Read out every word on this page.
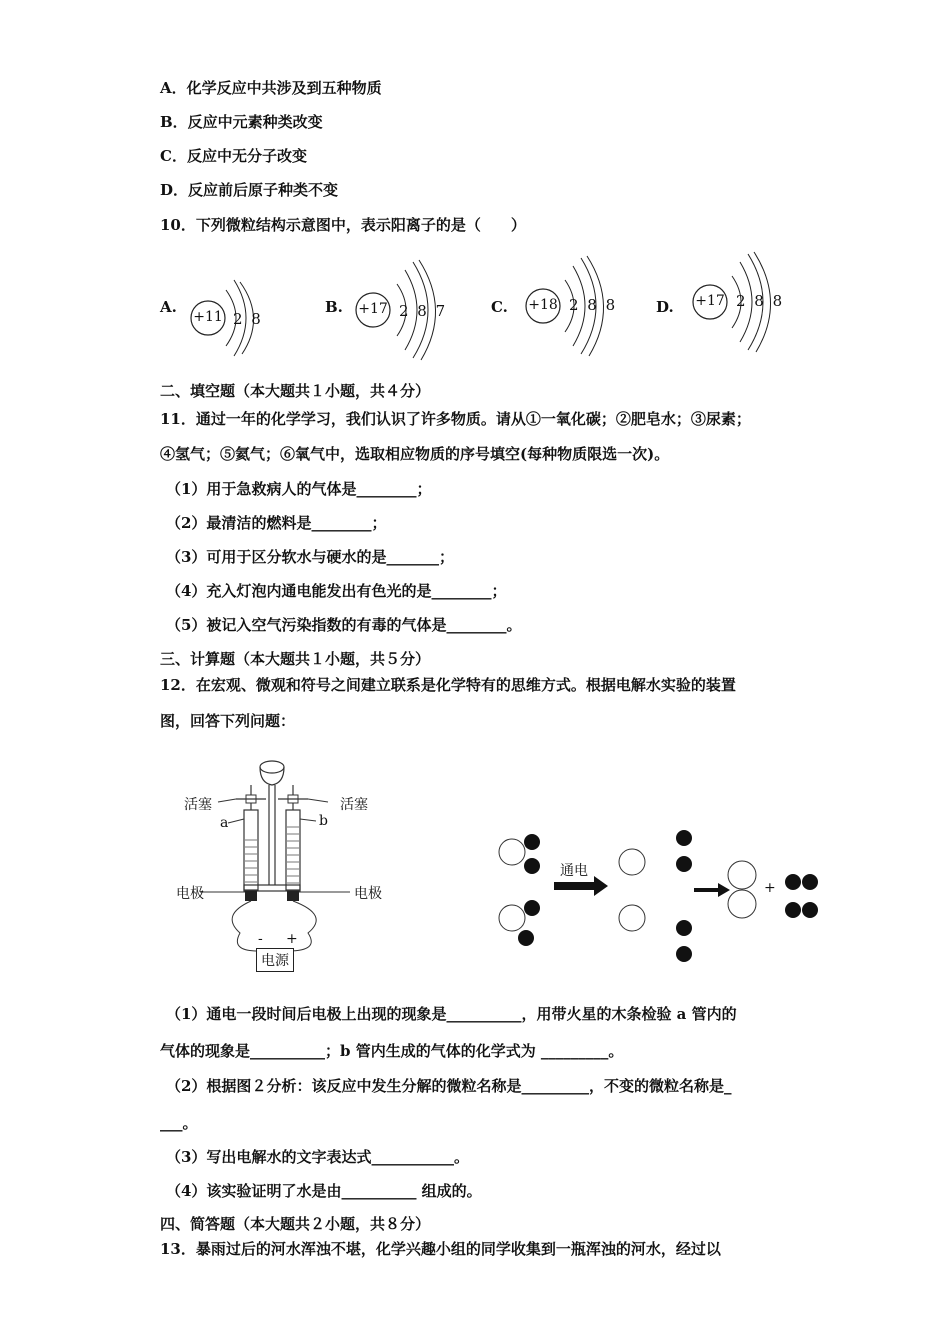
A．化学反应中共涉及到五种物质
B．反应中元素种类改变
C．反应中无分子改变
D．反应前后原子种类不变
10．下列微粒结构示意图中，表示阳离子的是（　　）
A.
+11 2 8
B. +17 2 8 7	C. +18 2 8 8	D. +17 2 8 8
二、填空题（本大题共１小题，共４分）
11．通过一年的化学学习，我们认识了许多物质。请从①一氧化碳；②肥皂水；③尿素；
④氢气；⑤氦气；⑥氧气中，选取相应物质的序号填空(每种物质限选一次)。
（1）用于急救病人的气体是________；
（2）最清洁的燃料是________；
（3）可用于区分软水与硬水的是_______；
（4）充入灯泡内通电能发出有色光的是________；
（5）被记入空气污染指数的有毒的气体是________。
三、计算题（本大题共１小题，共５分）
12．在宏观、微观和符号之间建立联系是化学特有的思维方式。根据电解水实验的装置
图，回答下列问题：
活塞	活塞
a	b
电极	电极
- +
电源
通电
+
（1）通电一段时间后电极上出现的现象是__________，用带火星的木条检验 a 管内的
气体的现象是__________；b 管内生成的气体的化学式为 _________。
（2）根据图２分析：该反应中发生分解的微粒名称是_________，不变的微粒名称是_
___。
（3）写出电解水的文字表达式___________。
（4）该实验证明了水是由__________ 组成的。
四、简答题（本大题共２小题，共８分）
13．暴雨过后的河水浑浊不堪，化学兴趣小组的同学收集到一瓶浑浊的河水，经过以
